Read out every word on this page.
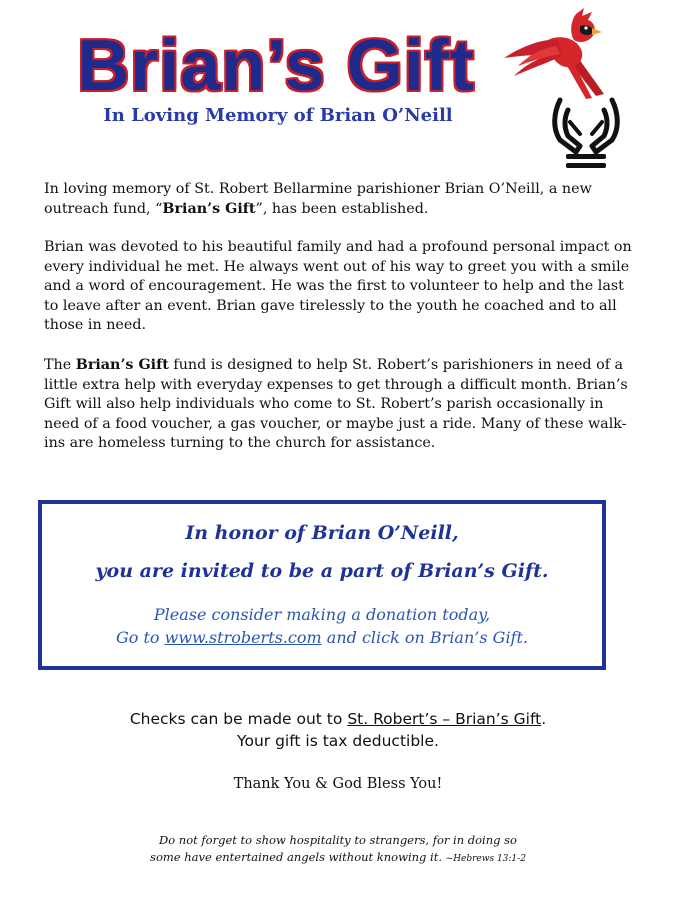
Brian’s Gift
In Loving Memory of Brian O’Neill
In loving memory of St. Robert Bellarmine parishioner Brian O’Neill, a new outreach fund, “Brian’s Gift”, has been established.
Brian was devoted to his beautiful family and had a profound personal impact on every individual he met. He always went out of his way to greet you with a smile and a word of encouragement. He was the first to volunteer to help and the last to leave after an event. Brian gave tirelessly to the youth he coached and to all those in need.
The Brian’s Gift fund is designed to help St. Robert’s parishioners in need of a little extra help with everyday expenses to get through a difficult month. Brian’s Gift will also help individuals who come to St. Robert’s parish occasionally in need of a food voucher, a gas voucher, or maybe just a ride. Many of these walk-ins are homeless turning to the church for assistance.
In honor of Brian O’Neill,
you are invited to be a part of Brian’s Gift.
Please consider making a donation today,
Go to www.stroberts.com and click on Brian’s Gift.
Checks can be made out to St. Robert’s – Brian’s Gift.
Your gift is tax deductible.
Thank You & God Bless You!
Do not forget to show hospitality to strangers, for in doing so
some have entertained angels without knowing it. ~Hebrews 13:1-2
